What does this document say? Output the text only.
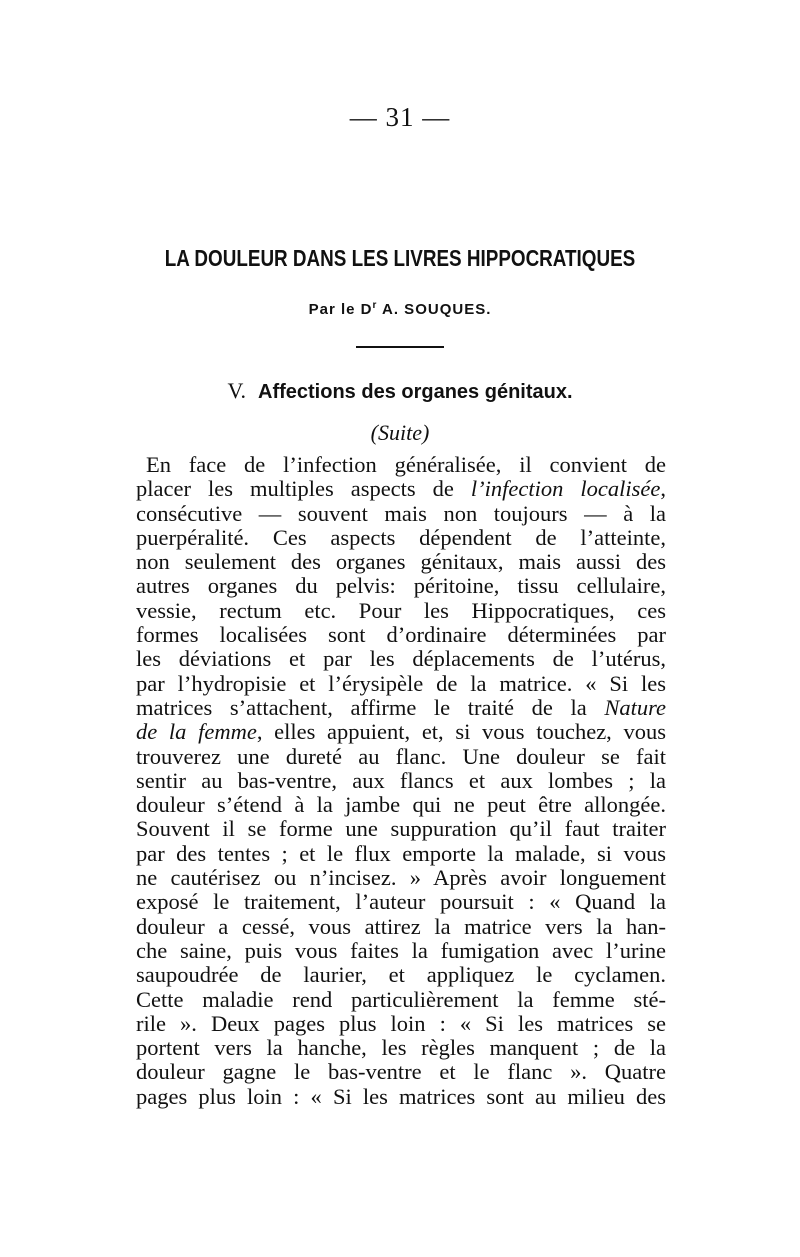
— 31 —
LA DOULEUR DANS LES LIVRES HIPPOCRATIQUES
Par le $D^r$ A. SOUQUES.
V. Affections des organes génitaux.
(Suite)
En face de l’infection généralisée, il convient de
placer les multiples aspects de l’infection localisée,
consécutive — souvent mais non toujours — à la
puerpéralité. Ces aspects dépendent de l’atteinte,
non seulement des organes génitaux, mais aussi des
autres organes du pelvis: péritoine, tissu cellulaire,
vessie, rectum etc. Pour les Hippocratiques, ces
formes localisées sont d’ordinaire déterminées par
les déviations et par les déplacements de l’utérus,
par l’hydropisie et l’érysipèle de la matrice. « Si les
matrices s’attachent, affirme le traité de la Nature
de la femme, elles appuient, et, si vous touchez, vous
trouverez une dureté au flanc. Une douleur se fait
sentir au bas-ventre, aux flancs et aux lombes ; la
douleur s’étend à la jambe qui ne peut être allongée.
Souvent il se forme une suppuration qu’il faut traiter
par des tentes ; et le flux emporte la malade, si vous
ne cautérisez ou n’incisez. » Après avoir longuement
exposé le traitement, l’auteur poursuit : « Quand la
douleur a cessé, vous attirez la matrice vers la han-
che saine, puis vous faites la fumigation avec l’urine
saupoudrée de laurier, et appliquez le cyclamen.
Cette maladie rend particulièrement la femme sté-
rile ». Deux pages plus loin : « Si les matrices se
portent vers la hanche, les règles manquent ; de la
douleur gagne le bas-ventre et le flanc ». Quatre
pages plus loin : « Si les matrices sont au milieu des
